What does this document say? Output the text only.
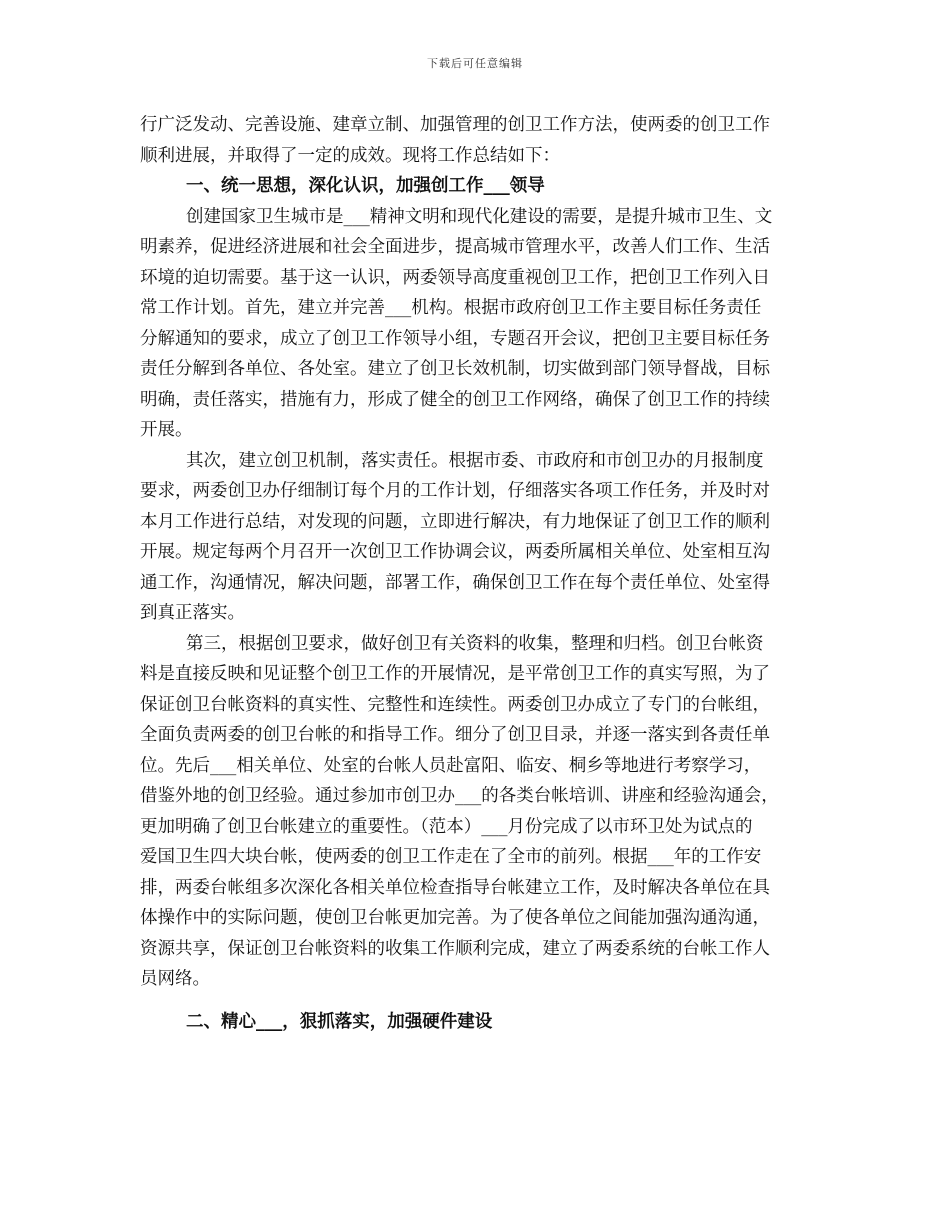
下载后可任意编辑
行广泛发动、完善设施、建章立制、加强管理的创卫工作方法，使两委的创卫工作
顺利进展，并取得了一定的成效。现将工作总结如下：
一、统一思想，深化认识，加强创工作___领导
创建国家卫生城市是___精神文明和现代化建设的需要，是提升城市卫生、文
明素养，促进经济进展和社会全面进步，提高城市管理水平，改善人们工作、生活
环境的迫切需要。基于这一认识，两委领导高度重视创卫工作，把创卫工作列入日
常工作计划。首先，建立并完善___机构。根据市政府创卫工作主要目标任务责任
分解通知的要求，成立了创卫工作领导小组，专题召开会议，把创卫主要目标任务
责任分解到各单位、各处室。建立了创卫长效机制，切实做到部门领导督战，目标
明确，责任落实，措施有力，形成了健全的创卫工作网络，确保了创卫工作的持续
开展。
其次，建立创卫机制，落实责任。根据市委、市政府和市创卫办的月报制度
要求，两委创卫办仔细制订每个月的工作计划，仔细落实各项工作任务，并及时对
本月工作进行总结，对发现的问题，立即进行解决，有力地保证了创卫工作的顺利
开展。规定每两个月召开一次创卫工作协调会议，两委所属相关单位、处室相互沟
通工作，沟通情况，解决问题，部署工作，确保创卫工作在每个责任单位、处室得
到真正落实。
第三，根据创卫要求，做好创卫有关资料的收集，整理和归档。创卫台帐资
料是直接反映和见证整个创卫工作的开展情况，是平常创卫工作的真实写照，为了
保证创卫台帐资料的真实性、完整性和连续性。两委创卫办成立了专门的台帐组，
全面负责两委的创卫台帐的和指导工作。细分了创卫目录，并逐一落实到各责任单
位。先后___相关单位、处室的台帐人员赴富阳、临安、桐乡等地进行考察学习，
借鉴外地的创卫经验。通过参加市创卫办___的各类台帐培训、讲座和经验沟通会，
更加明确了创卫台帐建立的重要性。（范本）___月份完成了以市环卫处为试点的
爱国卫生四大块台帐，使两委的创卫工作走在了全市的前列。根据___年的工作安
排，两委台帐组多次深化各相关单位检查指导台帐建立工作，及时解决各单位在具
体操作中的实际问题，使创卫台帐更加完善。为了使各单位之间能加强沟通沟通，
资源共享，保证创卫台帐资料的收集工作顺利完成，建立了两委系统的台帐工作人
员网络。
二、精心___，狠抓落实，加强硬件建设
